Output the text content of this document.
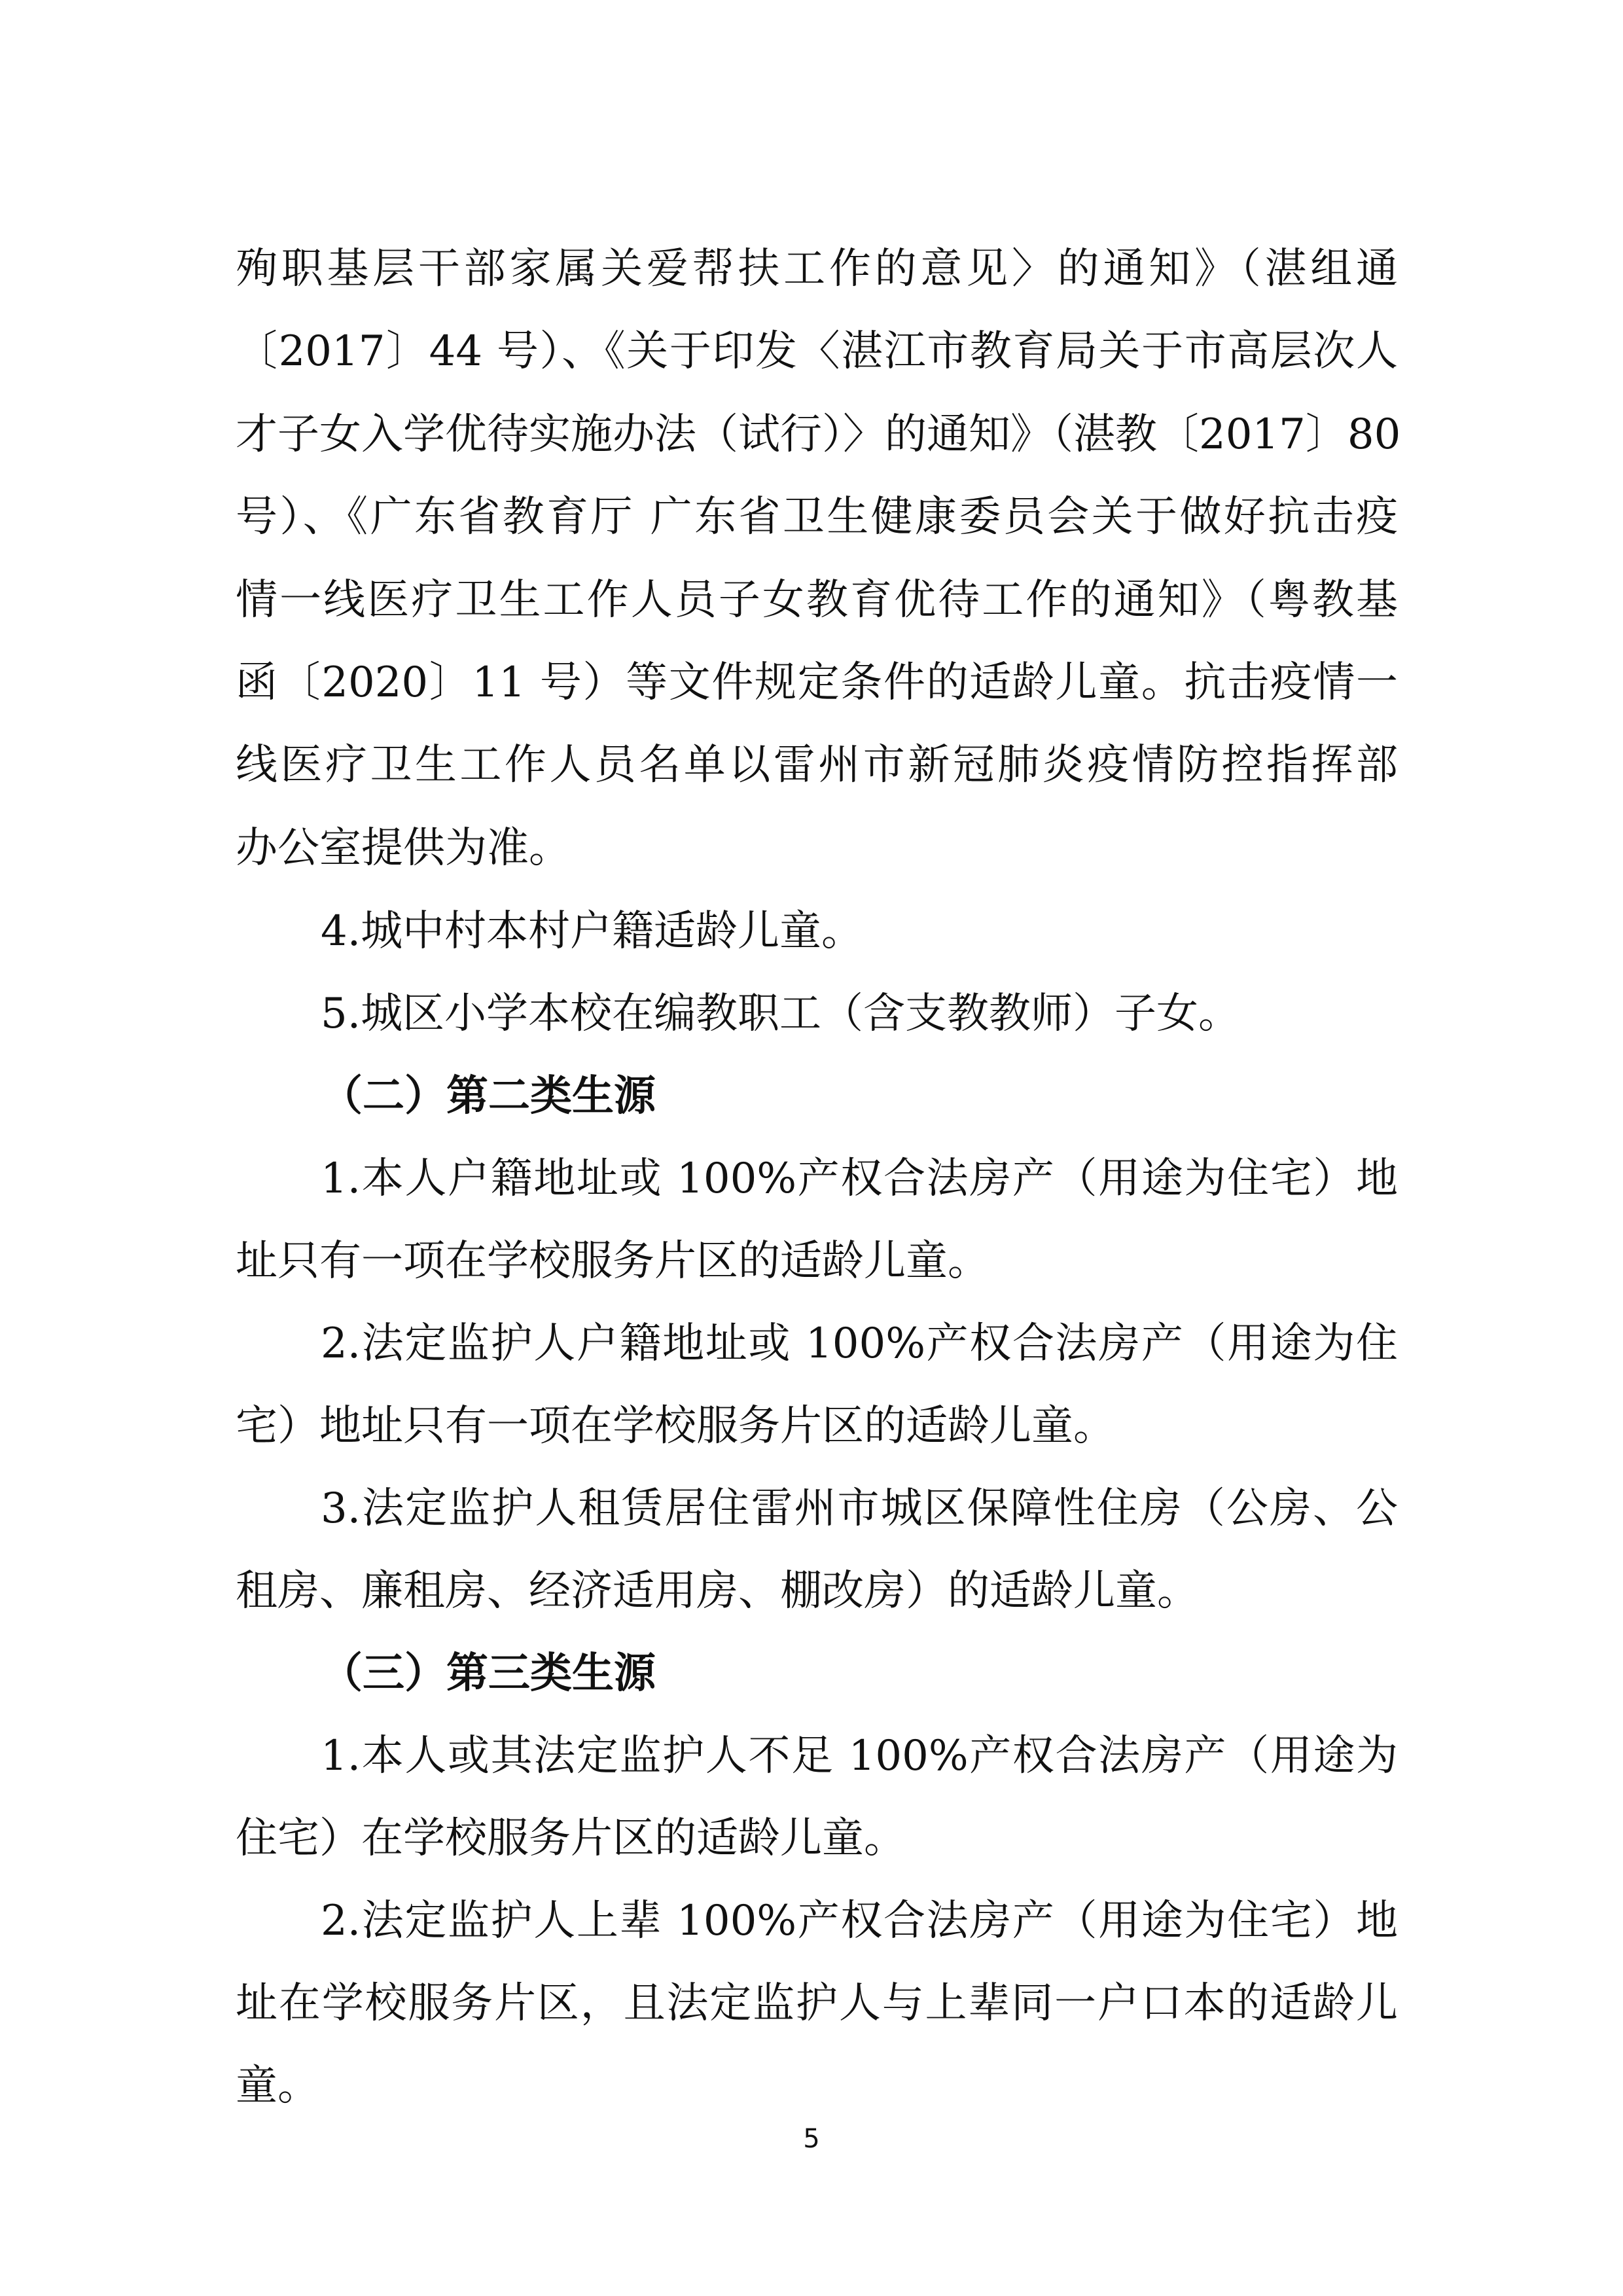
殉职基层干部家属关爱帮扶工作的意见〉的通知》（湛组通
〔2017〕44 号）、《关于印发〈湛江市教育局关于市高层次人
才子女入学优待实施办法（试行）〉的通知》（湛教〔2017〕80
号）、《广东省教育厅 广东省卫生健康委员会关于做好抗击疫
情一线医疗卫生工作人员子女教育优待工作的通知》（粤教基
函〔2020〕11 号）等文件规定条件的适龄儿童。抗击疫情一
线医疗卫生工作人员名单以雷州市新冠肺炎疫情防控指挥部
办公室提供为准。
4.城中村本村户籍适龄儿童。
5.城区小学本校在编教职工（含支教教师）子女。
（二）第二类生源
1.本人户籍地址或 100%产权合法房产（用途为住宅）地
址只有一项在学校服务片区的适龄儿童。
2.法定监护人户籍地址或 100%产权合法房产（用途为住
宅）地址只有一项在学校服务片区的适龄儿童。
3.法定监护人租赁居住雷州市城区保障性住房（公房、公
租房、廉租房、经济适用房、棚改房）的适龄儿童。
（三）第三类生源
1.本人或其法定监护人不足 100%产权合法房产（用途为
住宅）在学校服务片区的适龄儿童。
2.法定监护人上辈 100%产权合法房产（用途为住宅）地
址在学校服务片区，且法定监护人与上辈同一户口本的适龄儿
童。
5
